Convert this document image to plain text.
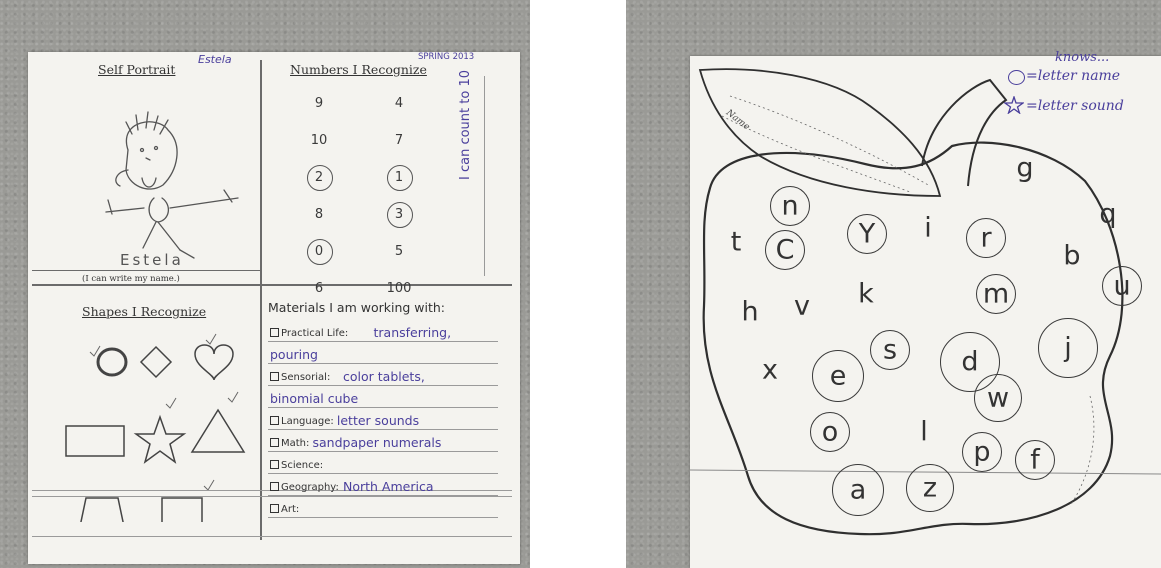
Self Portrait
Estela
Estela
(I can write my name.)
Numbers I Recognize
SPRING 2013
9	4
10	7
2	1
8	3
0	5
6	100
I can count to 10
Shapes I Recognize	Materials I am working with:
Practical Life: transferring,
pouring
Sensorial: color tablets,
binomial cube
Language: letter sounds
Math: sandpaper numerals
Science:
Geography: North America
Art:
Name
knows...
=letter name
=letter sound
n
t C
Y i r
g
q
b
k
h v	m	u
x e
s d	j
w
o	l
p f
a z
